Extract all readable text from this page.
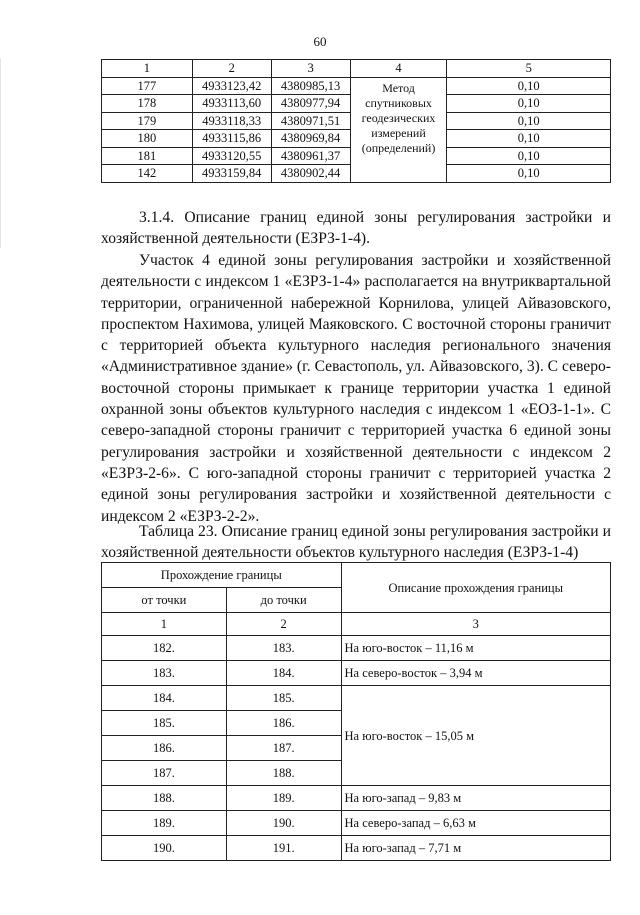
60
1	2	3	4	5
177	4933123,42	4380985,13	Метод спутниковых геодезических измерений (определений)	0,10
178	4933113,60	4380977,94		0,10
179	4933118,33	4380971,51		0,10
180	4933115,86	4380969,84		0,10
181	4933120,55	4380961,37		0,10
142	4933159,84	4380902,44		0,10

3.1.4. Описание границ единой зоны регулирования застройки и хозяйственной деятельности (ЕЗРЗ-1-4).

Участок 4 единой зоны регулирования застройки и хозяйственной деятельности с индексом 1 «ЕЗРЗ-1-4» располагается на внутриквартальной территории, ограниченной набережной Корнилова, улицей Айвазовского, проспектом Нахимова, улицей Маяковского. С восточной стороны граничит с территорией объекта культурного наследия регионального значения «Административное здание» (г. Севастополь, ул. Айвазовского, 3). С северо-восточной стороны примыкает к границе территории участка 1 единой охранной зоны объектов культурного наследия с индексом 1 «ЕОЗ-1-1». С северо-западной стороны граничит с территорией участка 6 единой зоны регулирования застройки и хозяйственной деятельности с индексом 2 «ЕЗРЗ-2-6». С юго-западной стороны граничит с территорией участка 2 единой зоны регулирования застройки и хозяйственной деятельности с индексом 2 «ЕЗРЗ-2-2».

Таблица 23. Описание границ единой зоны регулирования застройки и хозяйственной деятельности объектов культурного наследия (ЕЗРЗ-1-4)

Прохождение границы		Описание прохождения границы
от точки	до точки	
1	2	3
182.	183.	На юго-восток – 11,16 м
183.	184.	На северо-восток – 3,94 м
184.	185.	На юго-восток – 15,05 м
185.	186.	
186.	187.	
187.	188.	
188.	189.	На юго-запад – 9,83 м
189.	190.	На северо-запад – 6,63 м
190.	191.	На юго-запад – 7,71 м
